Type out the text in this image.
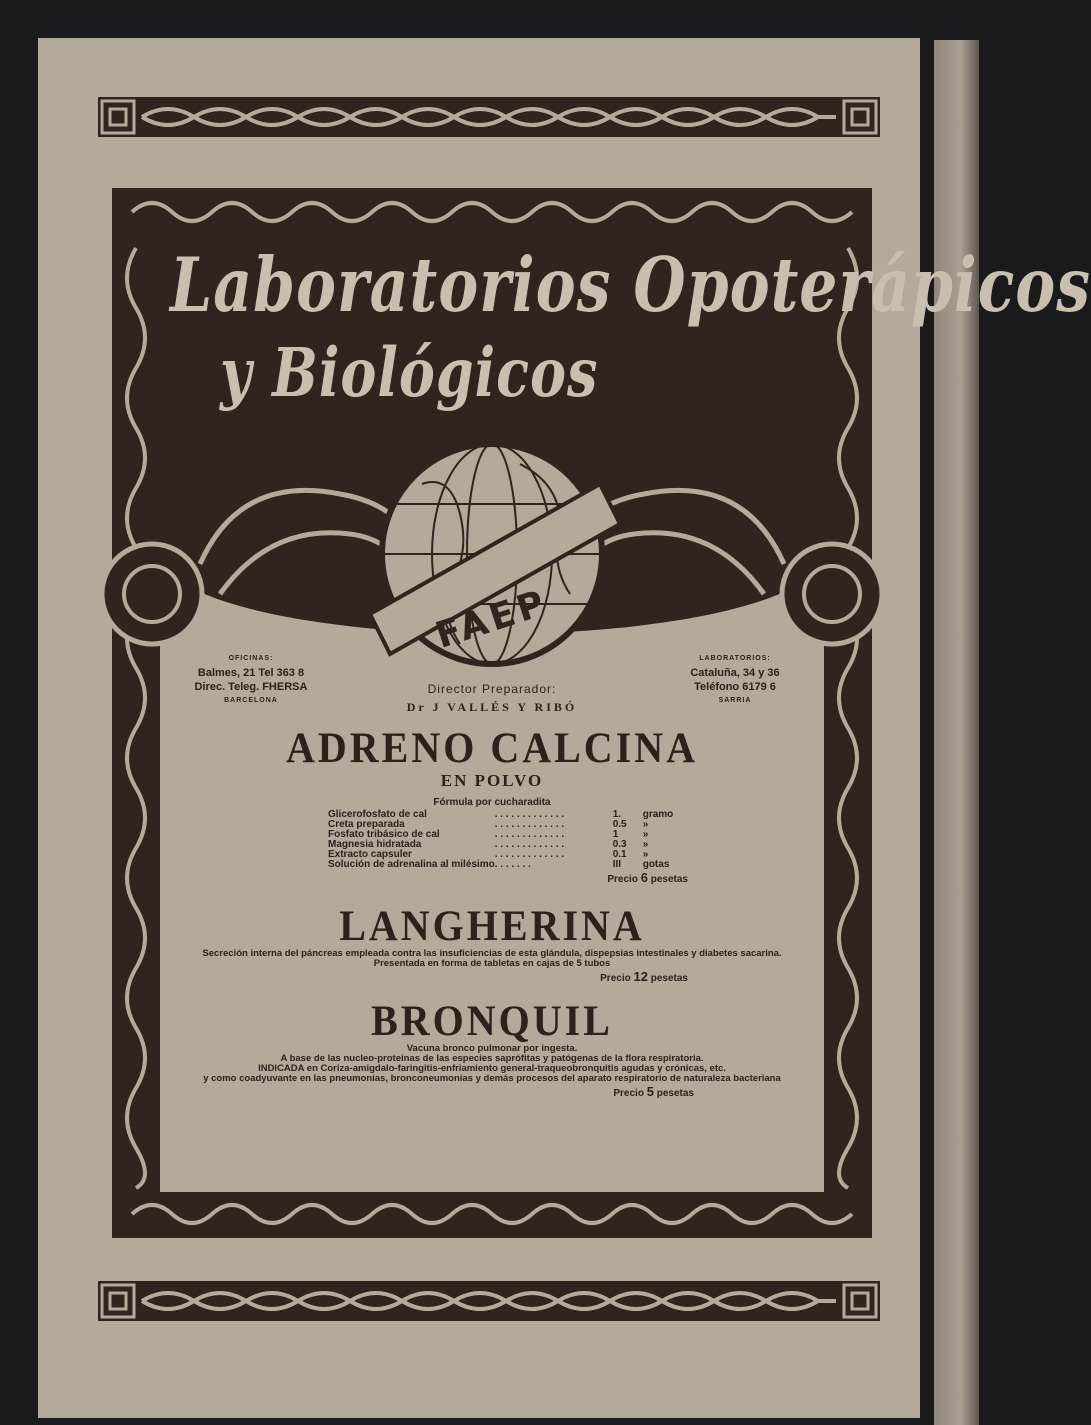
Laboratorios Opoterápicos
y Biológicos
FAEP
OFICINAS:
Balmes, 21 Tel 363 8
Direc. Teleg. FHERSA
BARCELONA
LABORATORIOS:
Cataluña, 34 y 36
Teléfono 6179 6
SARRIA
Director Preparador:
Dr J VALLÉS Y RIBÓ
ADRENO CALCINA
EN POLVO
Fórmula por cucharadita
Glicerofosfato de cal	. . . . . . . . . . . . .	1.	gramo
Creta preparada	. . . . . . . . . . . . .	0.5	»
Fosfato tribásico de cal	. . . . . . . . . . . . .	1	»
Magnesia hidratada	. . . . . . . . . . . . .	0.3	»
Extracto capsuler	. . . . . . . . . . . . .	0.1	»
Solución de adrenalina al milésimo	. . . . . . .	III	gotas
Precio 6 pesetas
LANGHERINA
Secreción interna del páncreas empleada contra las insuficiencias de esta glándula, dispepsias intestinales y diabetes sacarina.
Presentada en forma de tabletas en cajas de 5 tubos
Precio 12 pesetas
BRONQUIL
Vacuna bronco pulmonar por ingesta.
A base de las nucleo-proteinas de las especies saprófitas y patógenas de la flora respiratoria.
INDICADA en Coriza-amigdalo-faringitis-enfriamiento general-traqueobronquitis agudas y crónicas, etc.
y como coadyuvante en las pneumonías, bronconeumonías y demás procesos del aparato respiratorio de naturaleza bacteriana
Precio 5 pesetas
